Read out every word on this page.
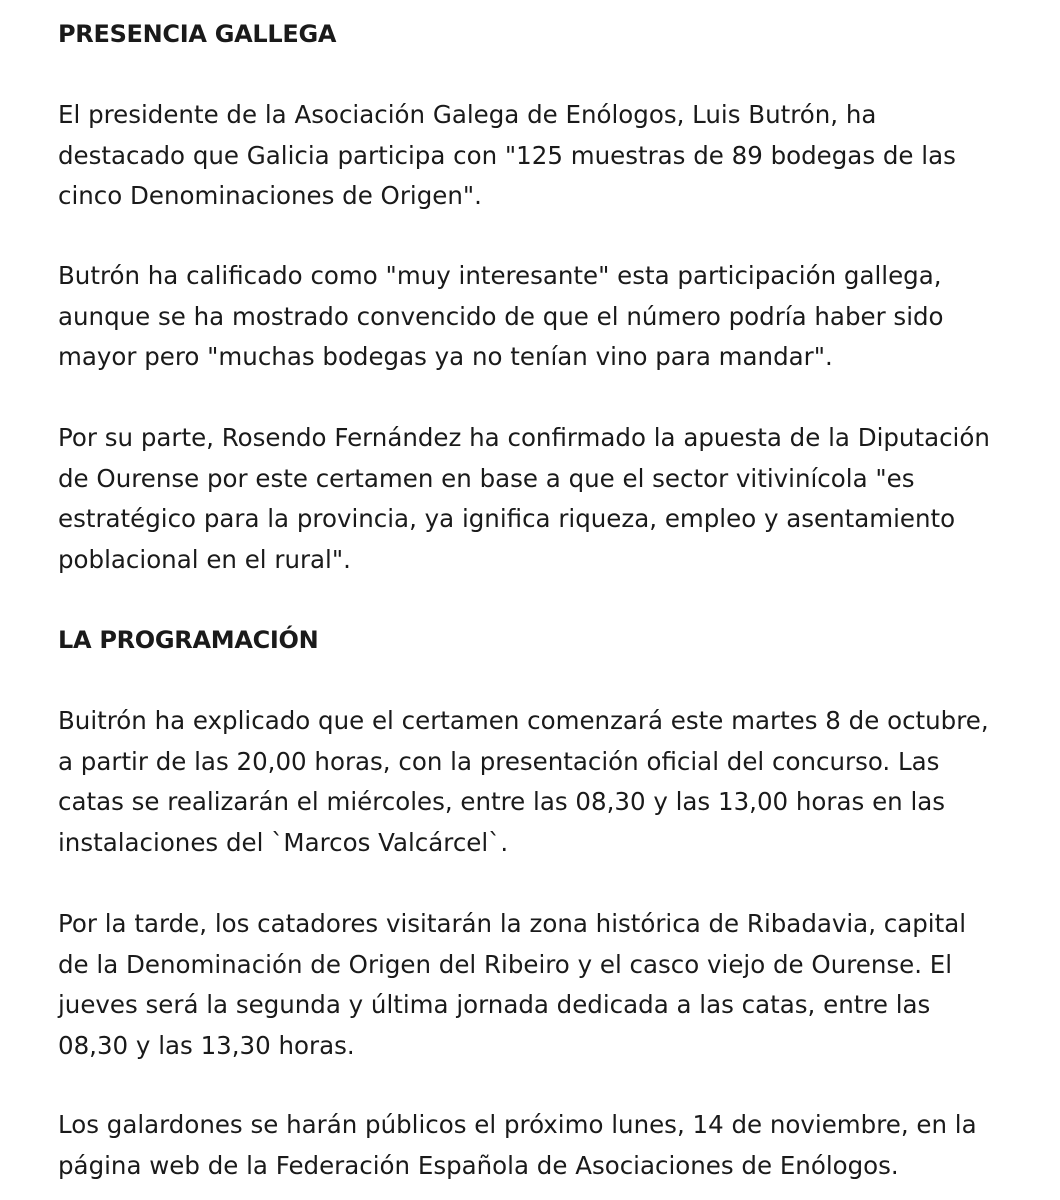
PRESENCIA GALLEGA

El presidente de la Asociación Galega de Enólogos, Luis Butrón, ha destacado que Galicia participa con "125 muestras de 89 bodegas de las cinco Denominaciones de Origen".

Butrón ha calificado como "muy interesante" esta participación gallega, aunque se ha mostrado convencido de que el número podría haber sido mayor pero "muchas bodegas ya no tenían vino para mandar".

Por su parte, Rosendo Fernández ha confirmado la apuesta de la Diputación de Ourense por este certamen en base a que el sector vitivinícola "es estratégico para la provincia, ya ignifica riqueza, empleo y asentamiento poblacional en el rural".

LA PROGRAMACIÓN

Buitrón ha explicado que el certamen comenzará este martes 8 de octubre, a partir de las 20,00 horas, con la presentación oficial del concurso. Las catas se realizarán el miércoles, entre las 08,30 y las 13,00 horas en las instalaciones del `Marcos Valcárcel`.

Por la tarde, los catadores visitarán la zona histórica de Ribadavia, capital de la Denominación de Origen del Ribeiro y el casco viejo de Ourense. El jueves será la segunda y última jornada dedicada a las catas, entre las 08,30 y las 13,30 horas.

Los galardones se harán públicos el próximo lunes, 14 de noviembre, en la página web de la Federación Española de Asociaciones de Enólogos.
